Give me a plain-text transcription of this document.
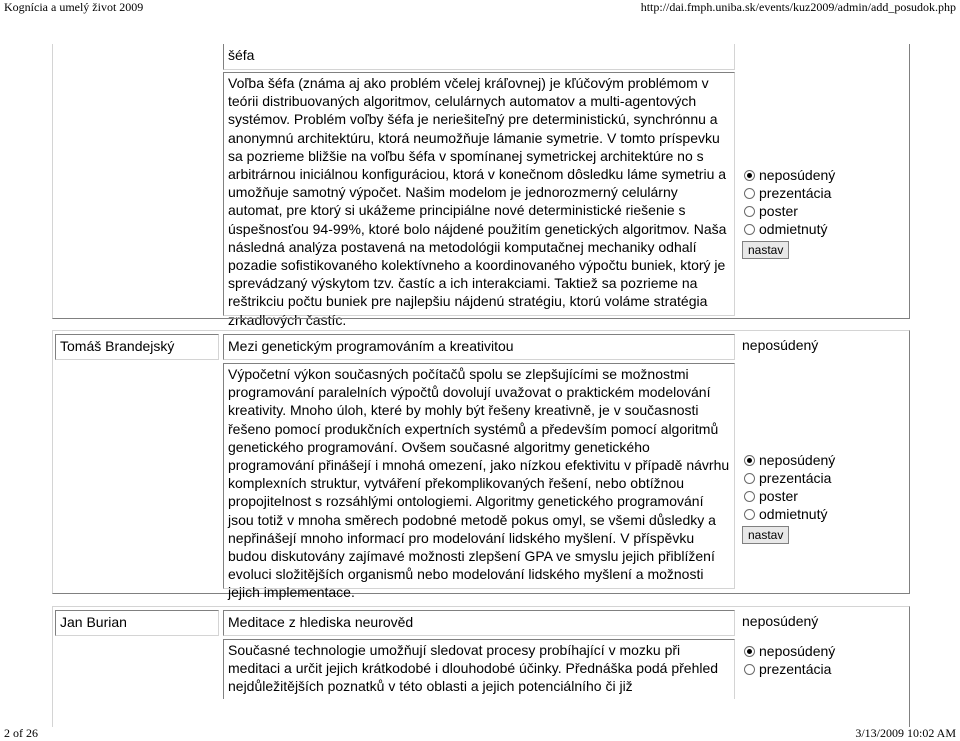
Kognícia a umelý život 2009	http://dai.fmph.uniba.sk/events/kuz2009/admin/add_posudok.php
šéfa
Voľba šéfa (známa aj ako problém včelej kráľovnej) je kľúčovým problémom v teórii distribuovaných algoritmov, celulárnych automatov a multi-agentových systémov. Problém voľby šéfa je neriešiteľný pre deterministickú, synchrónnu a anonymnú architektúru, ktorá neumožňuje lámanie symetrie. V tomto príspevku sa pozrieme bližšie na voľbu šéfa v spomínanej symetrickej architektúre no s arbitrárnou iniciálnou konfiguráciou, ktorá v konečnom dôsledku láme symetriu a umožňuje samotný výpočet. Našim modelom je jednorozmerný celulárny automat, pre ktorý si ukážeme principiálne nové deterministické riešenie s úspešnosťou 94-99%, ktoré bolo nájdené použitím genetických algoritmov. Naša následná analýza postavená na metodológii komputačnej mechaniky odhalí pozadie sofistikovaného kolektívneho a koordinovaného výpočtu buniek, ktorý je sprevádzaný výskytom tzv. častíc a ich interakciami. Taktiež sa pozrieme na reštrikciu počtu buniek pre najlepšiu nájdenú stratégiu, ktorú voláme stratégia zrkadlových častíc.
neposúdený
prezentácia
poster
odmietnutý
nastav
Tomáš Brandejský	Mezi genetickým programováním a kreativitou	neposúdený
Výpočetní výkon současných počítačů spolu se zlepšujícími se možnostmi programování paralelních výpočtů dovolují uvažovat o praktickém modelování kreativity. Mnoho úloh, které by mohly být řešeny kreativně, je v současnosti řešeno pomocí produkčních expertních systémů a především pomocí algoritmů genetického programování. Ovšem současné algoritmy genetického programování přinášejí i mnohá omezení, jako nízkou efektivitu v případě návrhu komplexních struktur, vytváření překomplikovaných řešení, nebo obtížnou propojitelnost s rozsáhlými ontologiemi. Algoritmy genetického programování jsou totiž v mnoha směrech podobné metodě pokus omyl, se všemi důsledky a nepřinášejí mnoho informací pro modelování lidského myšlení. V příspěvku budou diskutovány zajímavé možnosti zlepšení GPA ve smyslu jejich přiblížení evoluci složitějších organismů nebo modelování lidského myšlení a možnosti jejich implementace.
neposúdený
prezentácia
poster
odmietnutý
nastav
Jan Burian	Meditace z hlediska neurověd	neposúdený
Současné technologie umožňují sledovat procesy probíhající v mozku při meditaci a určit jejich krátkodobé i dlouhodobé účinky. Přednáška podá přehled nejdůležitějších poznatků v této oblasti a jejich potenciálního či již
neposúdený
prezentácia
2 of 26	3/13/2009 10:02 AM
